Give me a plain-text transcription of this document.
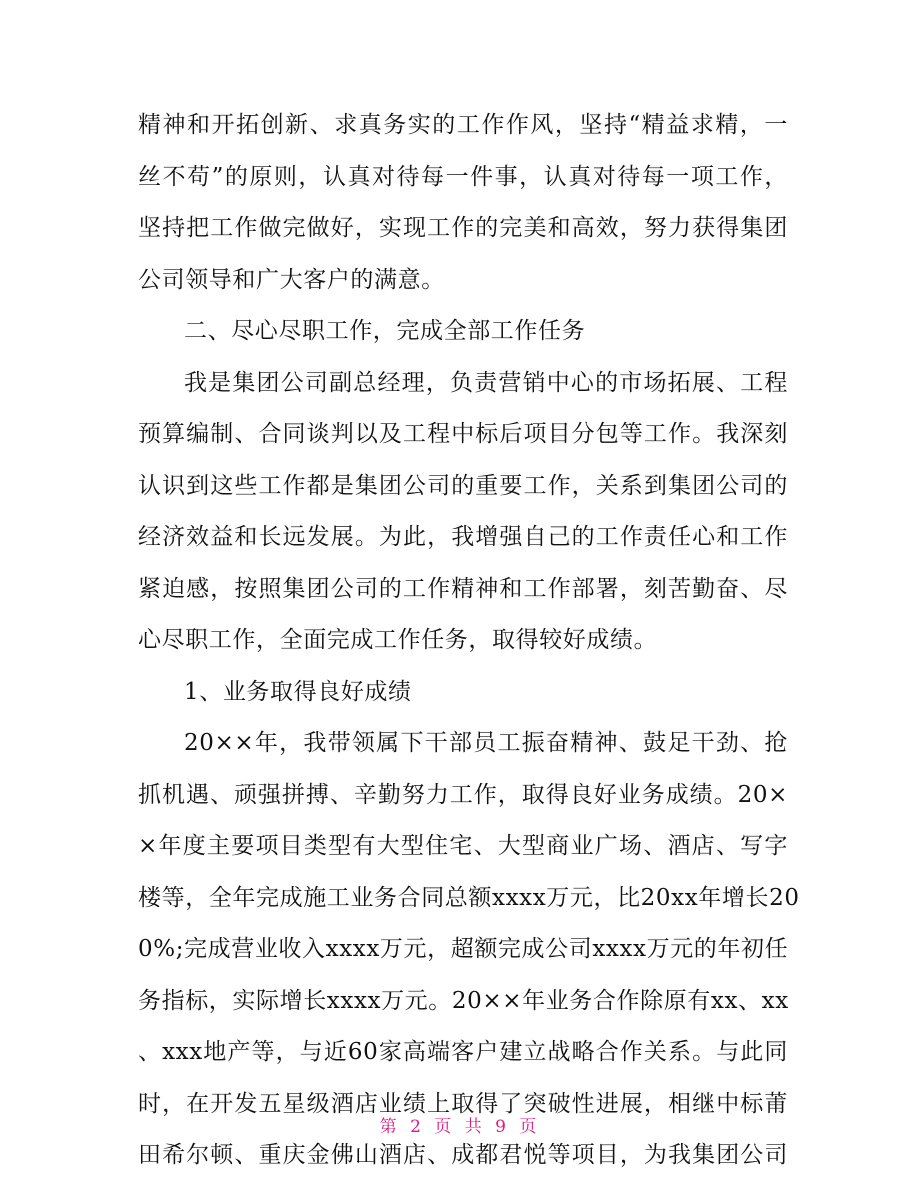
精神和开拓创新、求真务实的工作作风，坚持“精益求精，一
丝不苟”的原则，认真对待每一件事，认真对待每一项工作，
坚持把工作做完做好，实现工作的完美和高效，努力获得集团
公司领导和广大客户的满意。
二、尽心尽职工作，完成全部工作任务
我是集团公司副总经理，负责营销中心的市场拓展、工程
预算编制、合同谈判以及工程中标后项目分包等工作。我深刻
认识到这些工作都是集团公司的重要工作，关系到集团公司的
经济效益和长远发展。为此，我增强自己的工作责任心和工作
紧迫感，按照集团公司的工作精神和工作部署，刻苦勤奋、尽
心尽职工作，全面完成工作任务，取得较好成绩。
1、业务取得良好成绩
20××年，我带领属下干部员工振奋精神、鼓足干劲、抢
抓机遇、顽强拼搏、辛勤努力工作，取得良好业务成绩。20×
×年度主要项目类型有大型住宅、大型商业广场、酒店、写字
楼等，全年完成施工业务合同总额xxxx万元，比20xx年增长20
0%;完成营业收入xxxx万元，超额完成公司xxxx万元的年初任
务指标，实际增长xxxx万元。20××年业务合作除原有xx、xx
、xxx地产等，与近60家高端客户建立战略合作关系。与此同
时，在开发五星级酒店业绩上取得了突破性进展，相继中标莆
田希尔顿、重庆金佛山酒店、成都君悦等项目，为我集团公司
第 2 页 共 9 页
